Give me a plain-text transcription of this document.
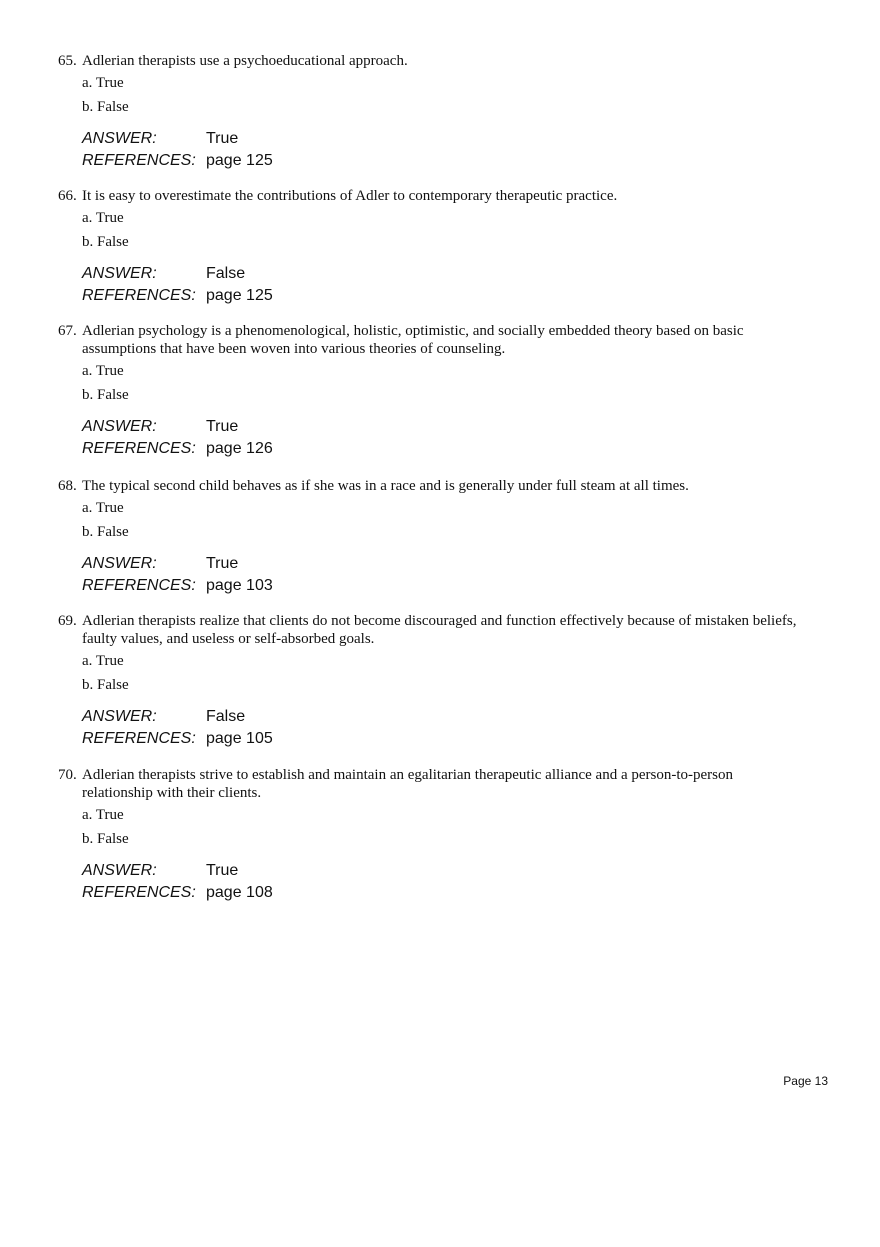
65. Adlerian therapists use a psychoeducational approach.
a. True
b. False
ANSWER:	True
REFERENCES: page 125
66. It is easy to overestimate the contributions of Adler to contemporary therapeutic practice.
a. True
b. False
ANSWER:	False
REFERENCES: page 125
67. Adlerian psychology is a phenomenological, holistic, optimistic, and socially embedded theory based on basic assumptions that have been woven into various theories of counseling.
a. True
b. False
ANSWER:	True
REFERENCES: page 126
68. The typical second child behaves as if she was in a race and is generally under full steam at all times.
a. True
b. False
ANSWER:	True
REFERENCES: page 103
69. Adlerian therapists realize that clients do not become discouraged and function effectively because of mistaken beliefs, faulty values, and useless or self-absorbed goals.
a. True
b. False
ANSWER:	False
REFERENCES: page 105
70. Adlerian therapists strive to establish and maintain an egalitarian therapeutic alliance and a person-to-person relationship with their clients.
a. True
b. False
ANSWER:	True
REFERENCES: page 108
Page 13
